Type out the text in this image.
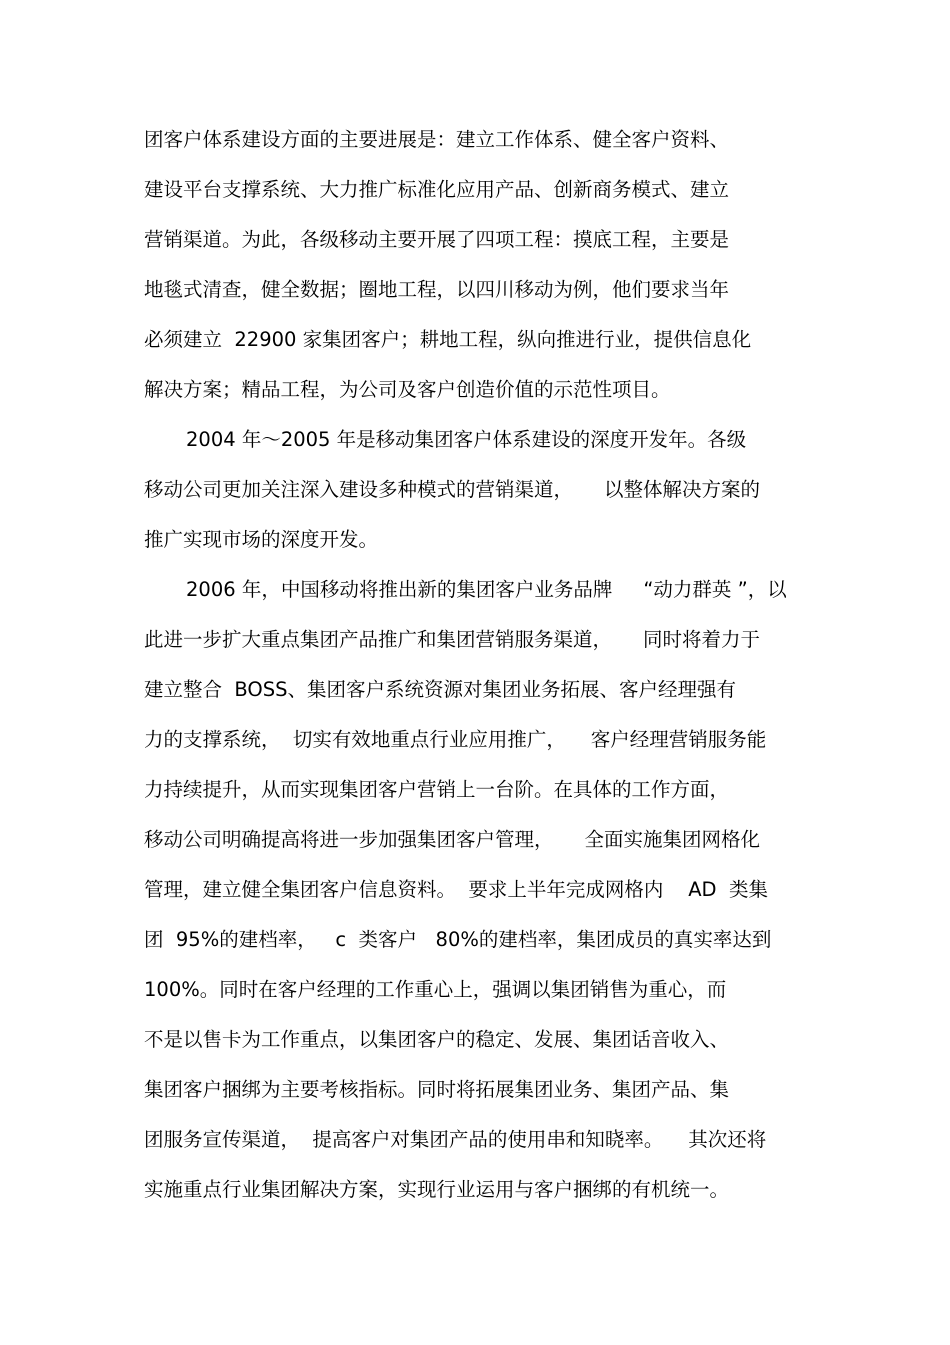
团客户体系建设方面的主要进展是：建立工作体系、健全客户资料、
建设平台支撑系统、大力推广标准化应用产品、创新商务模式、建立
营销渠道。为此，各级移动主要开展了四项工程：摸底工程，主要是
地毯式清查，健全数据；圈地工程，以四川移动为例，他们要求当年
必须建立  22900 家集团客户；耕地工程，纵向推进行业，提供信息化
解决方案；精品工程，为公司及客户创造价值的示范性项目。
2004 年～2005 年是移动集团客户体系建设的深度开发年。各级
移动公司更加关注深入建设多种模式的营销渠道，     以整体解决方案的
推广实现市场的深度开发。
2006 年，中国移动将推出新的集团客户业务品牌     “动力群英 ”，以
此进一步扩大重点集团产品推广和集团营销服务渠道，     同时将着力于
建立整合  BOSS、集团客户系统资源对集团业务拓展、客户经理强有
力的支撑系统，  切实有效地重点行业应用推广，    客户经理营销服务能
力持续提升，从而实现集团客户营销上一台阶。在具体的工作方面，
移动公司明确提高将进一步加强集团客户管理，     全面实施集团网格化
管理，建立健全集团客户信息资料。  要求上半年完成网格内    AD  类集
团  95%的建档率，   c  类客户   80%的建档率，集团成员的真实率达到
100%。同时在客户经理的工作重心上，强调以集团销售为重心，而
不是以售卡为工作重点，以集团客户的稳定、发展、集团话音收入、
集团客户捆绑为主要考核指标。同时将拓展集团业务、集团产品、集
团服务宣传渠道，  提高客户对集团产品的使用串和知晓率。    其次还将
实施重点行业集团解决方案，实现行业运用与客户捆绑的有机统一。
